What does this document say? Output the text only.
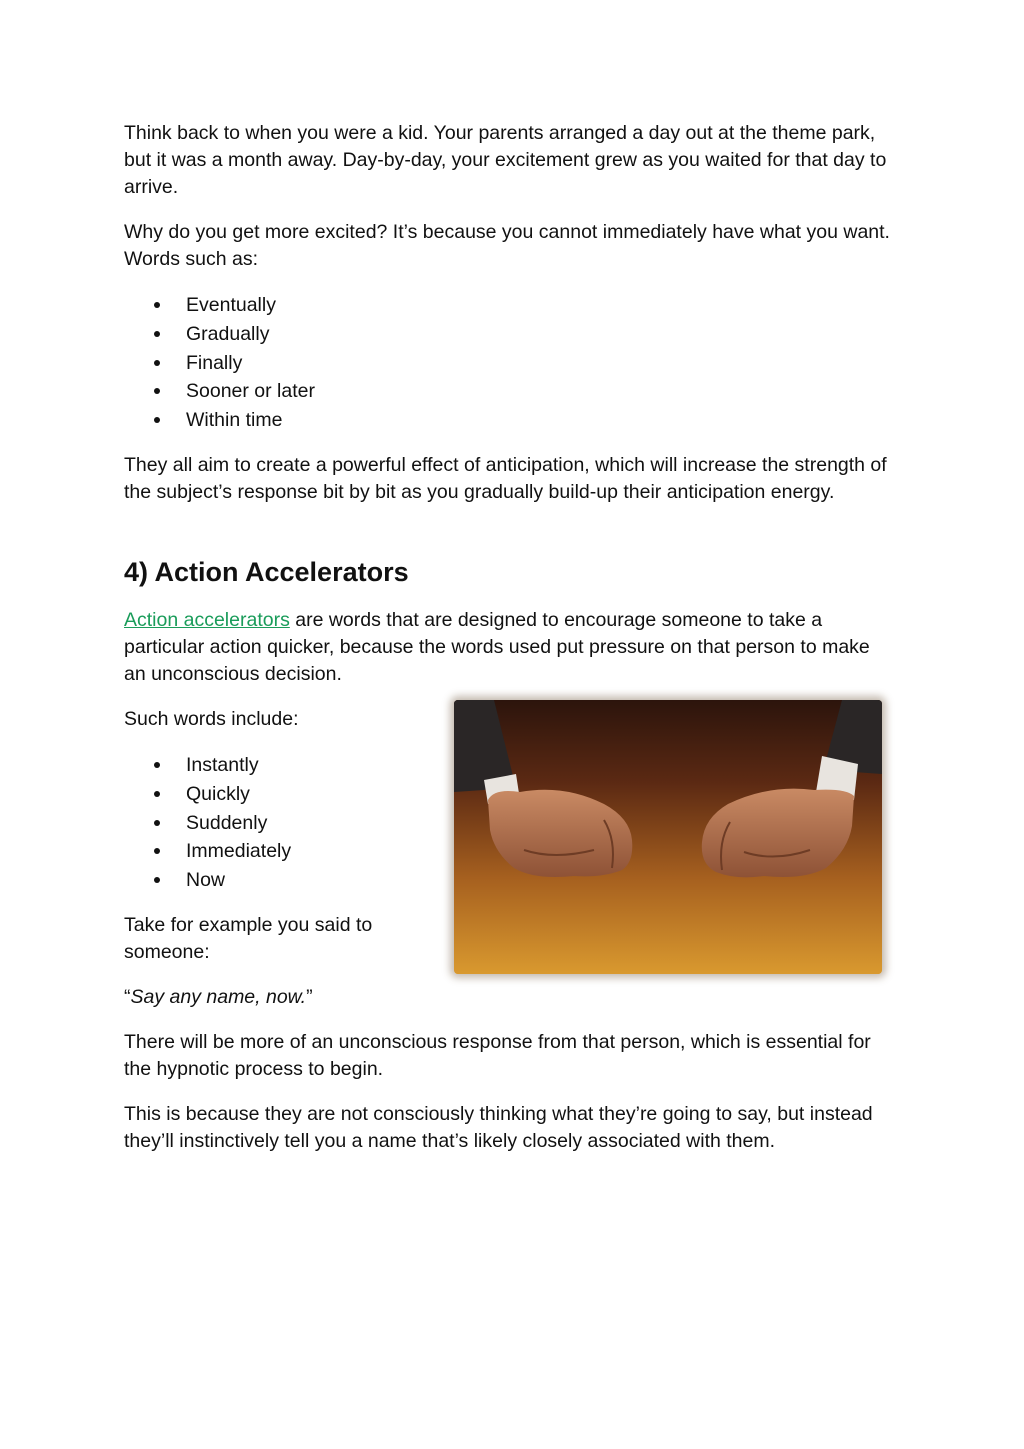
Think back to when you were a kid. Your parents arranged a day out at the theme park, but it was a month away. Day-by-day, your excitement grew as you waited for that day to arrive.

Why do you get more excited? It’s because you cannot immediately have what you want. Words such as:

Eventually
Gradually
Finally
Sooner or later
Within time

They all aim to create a powerful effect of anticipation, which will increase the strength of the subject’s response bit by bit as you gradually build-up their anticipation energy.

4) Action Accelerators

Action accelerators are words that are designed to encourage someone to take a particular action quicker, because the words used put pressure on that person to make an unconscious decision.

Such words include:

Instantly
Quickly
Suddenly
Immediately
Now

Take for example you said to someone:

“Say any name, now.”

There will be more of an unconscious response from that person, which is essential for the hypnotic process to begin.

This is because they are not consciously thinking what they’re going to say, but instead they’ll instinctively tell you a name that’s likely closely associated with them.
